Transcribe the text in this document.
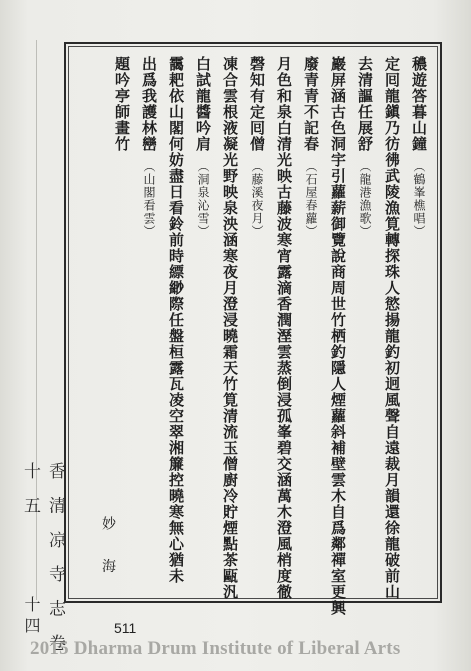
穠遊答暮山鐘（鶴峯樵唱）
定囘龍鎭乃彷彿武陵漁筧轉探珠人慾揚龍釣初迥風聲自遠裁月韻還徐龍破前山
去清謳任展舒（龍港漁歌）
巖屏涵古色洞宇引蘿薪御覽說商周世竹栖釣隱人煙蘿斜補壁雲木自爲鄰禪室更興
廢青青不記春（石屋春蘿）
月色和泉白清光映古藤波寒宵露滴香潤溼雲蒸倒浸孤峯碧交涵萬木澄風梢度徹
磬知有定囘僧（藤溪夜月）
凍合雲根液凝光野映泉泱涵寒夜月澄浸曉霜天竹筧清流玉僧廚冷貯煙點茶甌汎
白試龍醬吟肩（洞泉沁雪）
靄耙依山閣何妨盡日看鈴前時縹緲際任盤桓露瓦凌空翠湘簾控曉寒無心猶未
出爲我護林巒（山閣看雲）
題吟亭師畫竹
妙 海
香 清 凉 寺 志 卷 十 五
十 四	511
2015 Dharma Drum Institute of Liberal Arts
